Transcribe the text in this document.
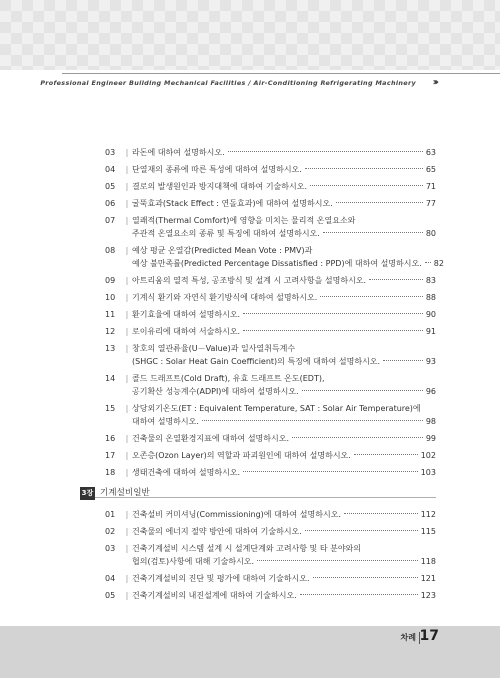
Professional Engineer Building Mechanical Facilities / Air-Conditioning Refrigerating Machinery ›››
03	| 라돈에 대하여 설명하시오.	63
04	| 단열재의 종류에 따른 특성에 대하여 설명하시오.	65
05	| 결로의 발생원인과 방지대책에 대하여 기술하시오.	71
06	| 굴뚝효과(Stack Effect : 연돌효과)에 대하여 설명하시오.	77
07	| 열쾌적(Thermal Comfort)에 영향을 미치는 물리적 온열요소와
주관적 온열요소의 종류 및 특징에 대하여 설명하시오.	80
08	| 예상 평균 온열감(Predicted Mean Vote : PMV)과
예상 불만족률(Predicted Percentage Dissatisfied : PPD)에 대하여 설명하시오. 82
09	| 아트리움의 열적 특성, 공조방식 및 설계 시 고려사항을 설명하시오.	83
10	| 기계식 환기와 자연식 환기방식에 대하여 설명하시오.	88
11	| 환기효율에 대하여 설명하시오.	90
12	| 로이유리에 대하여 서술하시오.	91
13	| 창호의 열관류율(U－Value)과 일사열취득계수
(SHGC : Solar Heat Gain Coefficient)의 특징에 대하여 설명하시오.	93
14	| 콜드 드래프트(Cold Draft), 유효 드래프트 온도(EDT),
공기확산 성능계수(ADPI)에 대하여 설명하시오.	96
15	| 상당외기온도(ET : Equivalent Temperature, SAT : Solar Air Temperature)에
대하여 설명하시오.	98
16	| 건축물의 온열환경지표에 대하여 설명하시오.	99
17	| 오존층(Ozon Layer)의 역할과 파괴원인에 대하여 설명하시오.	102
18	| 생태건축에 대하여 설명하시오.	103
3장 기계설비일반
01	| 건축설비 커미셔닝(Commissioning)에 대하여 설명하시오.	112
02	| 건축물의 에너지 절약 방안에 대하여 기술하시오.	115
03	| 건축기계설비 시스템 설계 시 설계단계와 고려사항 및 타 분야와의
협의(검토)사항에 대해 기술하시오.	118
04	| 건축기계설비의 진단 및 평가에 대하여 기술하시오.	121
05	| 건축기계설비의 내진설계에 대하여 기술하시오.	123
차례 17
